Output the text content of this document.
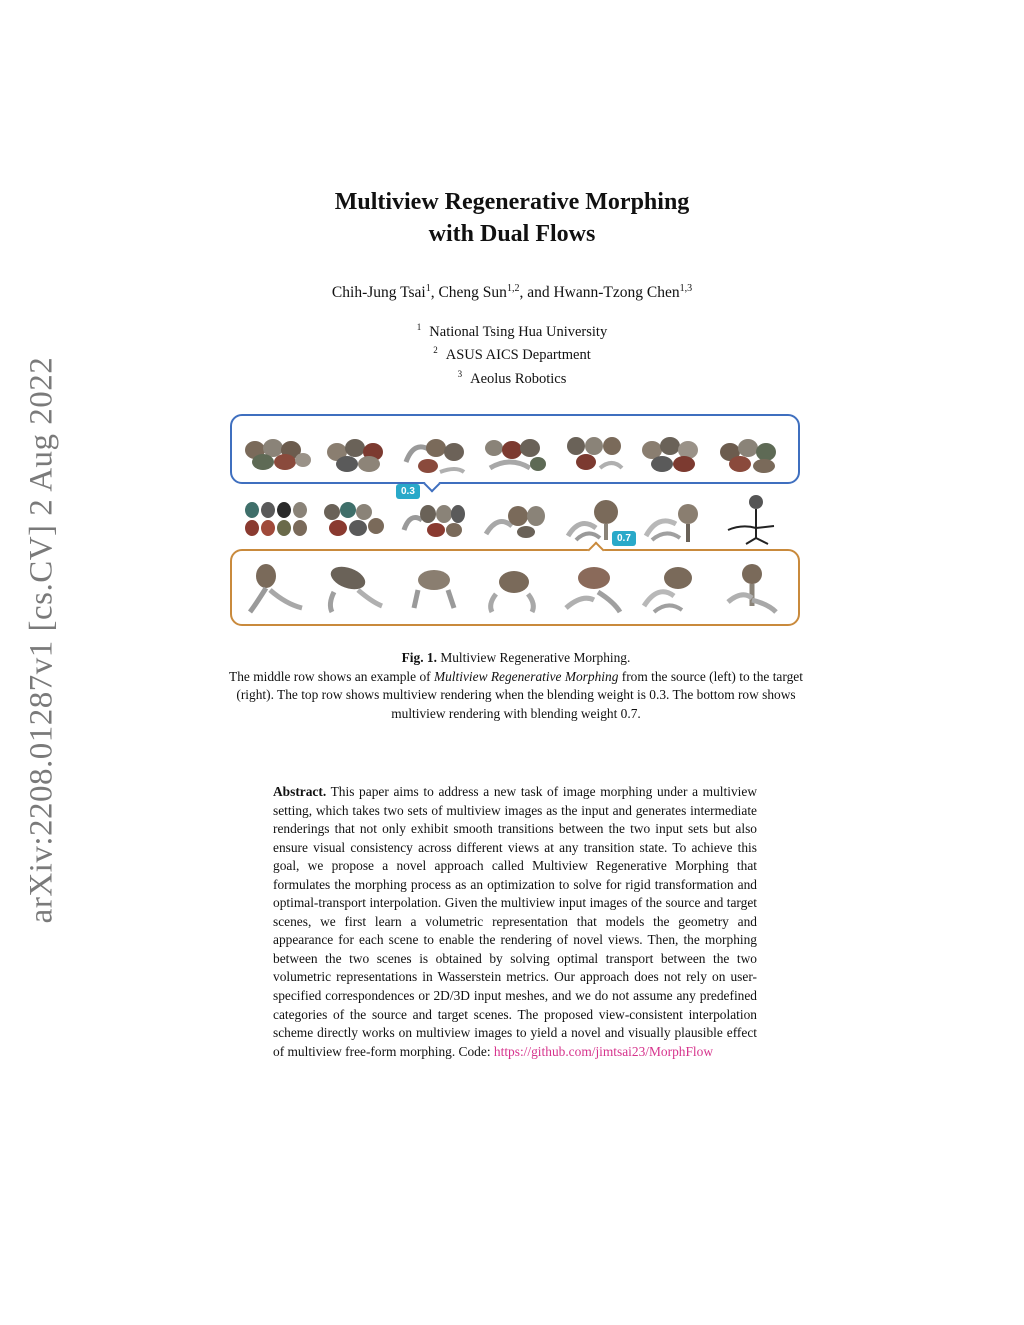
arXiv:2208.01287v1 [cs.CV] 2 Aug 2022
Multiview Regenerative Morphing
with Dual Flows
Chih-Jung Tsai$^1$, Cheng Sun$^{1,2}$, and Hwann-Tzong Chen$^{1,3}$
$^1$ National Tsing Hua University
$^2$ ASUS AICS Department
$^3$ Aeolus Robotics
0.3
0.7
Fig. 1. Multiview Regenerative Morphing.
The middle row shows an example of Multiview Regenerative Morphing from the source (left) to the target (right). The top row shows multiview rendering when the blending weight is 0.3. The bottom row shows multiview rendering with blending weight 0.7.
Abstract. This paper aims to address a new task of image morphing under a multiview setting, which takes two sets of multiview images as the input and generates intermediate renderings that not only exhibit smooth transitions between the two input sets but also ensure visual consistency across different views at any transition state. To achieve this goal, we propose a novel approach called Multiview Regenerative Morphing that formulates the morphing process as an optimization to solve for rigid transformation and optimal-transport interpolation. Given the multiview input images of the source and target scenes, we first learn a volumetric representation that models the geometry and appearance for each scene to enable the rendering of novel views. Then, the morphing between the two scenes is obtained by solving optimal transport between the two volumetric representations in Wasserstein metrics. Our approach does not rely on user-specified correspondences or 2D/3D input meshes, and we do not assume any predefined categories of the source and target scenes. The proposed view-consistent interpolation scheme directly works on multiview images to yield a novel and visually plausible effect of multiview free-form morphing. Code: https://github.com/jimtsai23/MorphFlow
